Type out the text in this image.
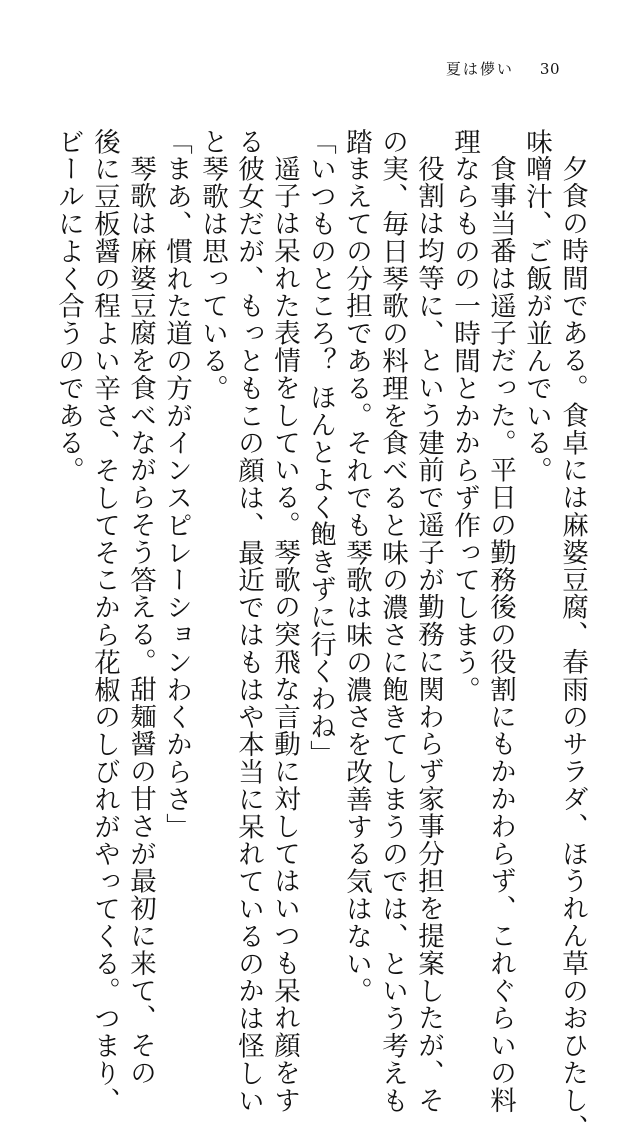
夏は儚い 30
夕食の時間である。食卓には麻婆豆腐、春雨のサラダ、ほうれん草のおひたし、
味噌汁、ご飯が並んでいる。
食事当番は遥子だった。平日の勤務後の役割にもかかわらず、これぐらいの料
理ならものの一時間とかからず作ってしまう。
役割は均等に、という建前で遥子が勤務に関わらず家事分担を提案したが、そ
の実、毎日琴歌の料理を食べると味の濃さに飽きてしまうのでは、という考えも
踏まえての分担である。それでも琴歌は味の濃さを改善する気はない。
「いつものところ？ ほんとよく飽きずに行くわね」
遥子は呆れた表情をしている。琴歌の突飛な言動に対してはいつも呆れ顔をす
る彼女だが、もっともこの顔は、最近ではもはや本当に呆れているのかは怪しい
と琴歌は思っている。
「まあ、慣れた道の方がインスピレーションわくからさ」
琴歌は麻婆豆腐を食べながらそう答える。甜麺醤の甘さが最初に来て、その
後に豆板醤の程よい辛さ、そしてそこから花椒のしびれがやってくる。つまり、
ビールによく合うのである。
